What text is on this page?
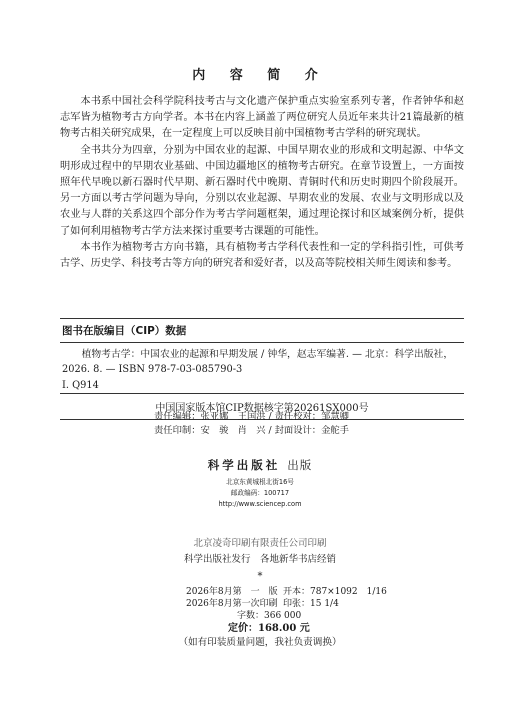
内 容 简 介

本书系中国社会科学院科技考古与文化遗产保护重点实验室系列专著，作者钟华和赵志军皆为植物考古方向学者。本书在内容上涵盖了两位研究人员近年来共计21篇最新的植物考古相关研究成果，在一定程度上可以反映目前中国植物考古学科的研究现状。

全书共分为四章，分别为中国农业的起源、中国早期农业的形成和文明起源、中华文明形成过程中的早期农业基础、中国边疆地区的植物考古研究。在章节设置上，一方面按照年代早晚以新石器时代早期、新石器时代中晚期、青铜时代和历史时期四个阶段展开。另一方面以考古学问题为导向，分别以农业起源、早期农业的发展、农业与文明形成以及农业与人群的关系这四个部分作为考古学问题框架，通过理论探讨和区域案例分析，提供了如何利用植物考古学方法来探讨重要考古课题的可能性。

本书作为植物考古方向书籍，具有植物考古学科代表性和一定的学科指引性，可供考古学、历史学、科技考古等方向的研究者和爱好者，以及高等院校相关师生阅读和参考。

图书在版编目（CIP）数据
植物考古学：中国农业的起源和早期发展 / 钟华，赵志军编著. — 北京：科学出版社，2026. 8. — ISBN 978-7-03-085790-3
Ⅰ. Q914
中国国家版本馆CIP数据核字第20261SX000号
责任编辑：张亚娜　王国洪 / 责任校对：邹慧卿
责任印制：安　骏　肖　兴 / 封面设计：金舵手
科学出版社 出版
北京东黄城根北街16号
邮政编码：100717
http://www.sciencep.com
北京凌奇印刷有限责任公司印刷
科学出版社发行　各地新华书店经销
*
2026年8月第　一　版 开本：787×1092　1/16
2026年8月第一次印刷 印张：15 1/4
字数：366 000
定价：168.00 元
（如有印装质量问题，我社负责调换）
